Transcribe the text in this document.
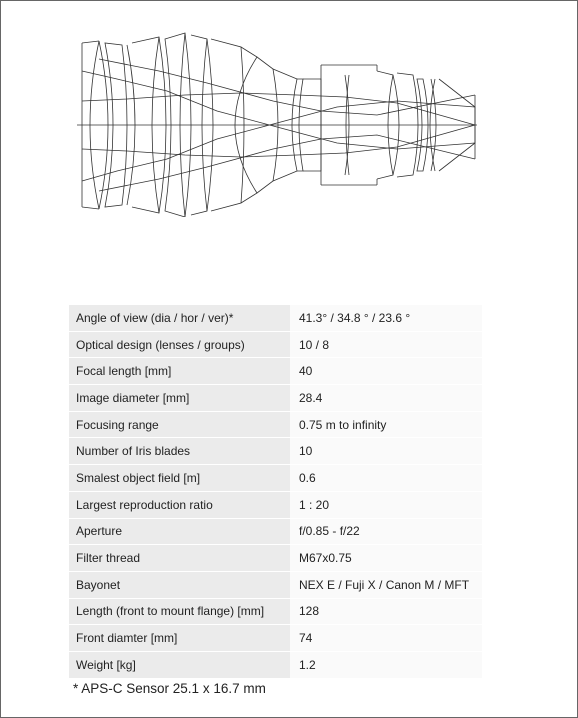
Angle of view (dia / hor / ver)*	41.3° / 34.8 ° / 23.6 °
Optical design (lenses / groups)	10 / 8
Focal length [mm]	40
Image diameter [mm]	28.4
Focusing range	0.75 m to infinity
Number of Iris blades	10
Smalest object field [m]	0.6
Largest reproduction ratio	1 : 20
Aperture	f/0.85 - f/22
Filter thread	M67x0.75
Bayonet	NEX E / Fuji X / Canon M / MFT
Length (front to mount flange) [mm]	128
Front diamter [mm]	74
Weight [kg]	1.2
* APS-C Sensor 25.1 x 16.7 mm
